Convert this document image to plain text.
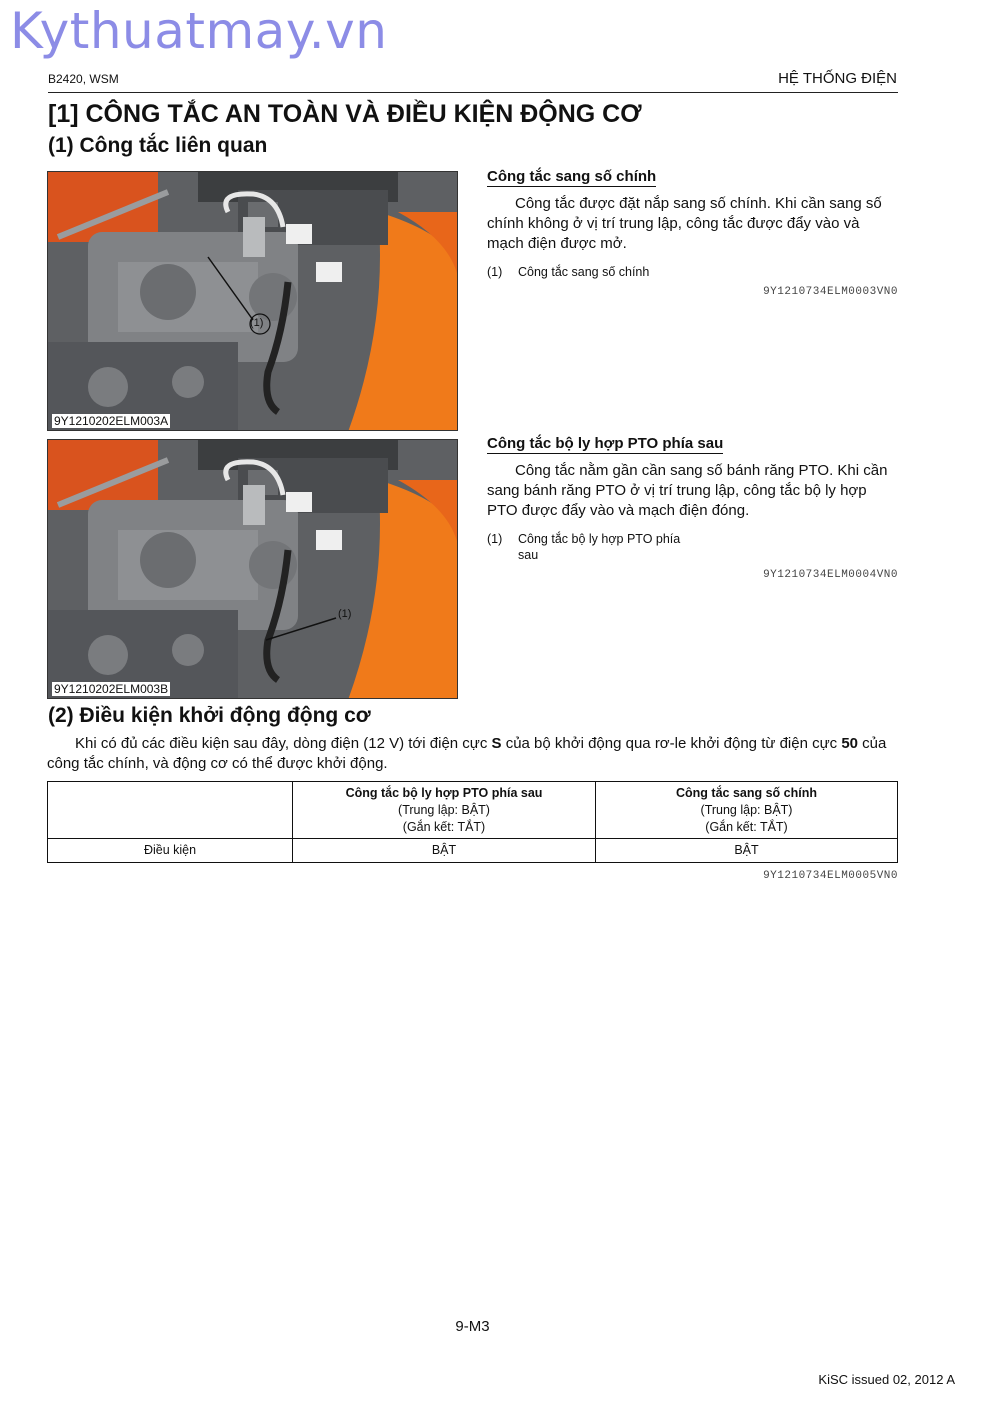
Kythuatmay.vn
B2420, WSM	HỆ THỐNG ĐIỆN
[1] CÔNG TẮC AN TOÀN VÀ ĐIỀU KIỆN ĐỘNG CƠ
(1) Công tắc liên quan
(1)
9Y1210202ELM003A
(1)
9Y1210202ELM003B
Công tắc sang số chính
Công tắc được đặt nắp sang số chính. Khi cần sang số chính không ở vị trí trung lập, công tắc được đẩy vào và mạch điện được mở.
(1)	Công tắc sang số chính
9Y1210734ELM0003VN0
Công tắc bộ ly hợp PTO phía sau
Công tắc nằm gần cần sang số bánh răng PTO. Khi cần sang bánh răng PTO ở vị trí trung lập, công tắc bộ ly hợp PTO được đẩy vào và mạch điện đóng.
(1)	Công tắc bộ ly hợp PTO phía sau
9Y1210734ELM0004VN0
(2) Điều kiện khởi động động cơ
Khi có đủ các điều kiện sau đây, dòng điện (12 V) tới điện cực S của bộ khởi động qua rơ-le khởi động từ điện cực 50 của công tắc chính, và động cơ có thể được khởi động.
	Công tắc bộ ly hợp PTO phía sau
(Trung lập: BẬT)
(Gắn kết: TẮT)	Công tắc sang số chính
(Trung lập: BẬT)
(Gắn kết: TẮT)
Điều kiện	BẬT	BẬT
9Y1210734ELM0005VN0
9-M3
KiSC issued 02, 2012 A
